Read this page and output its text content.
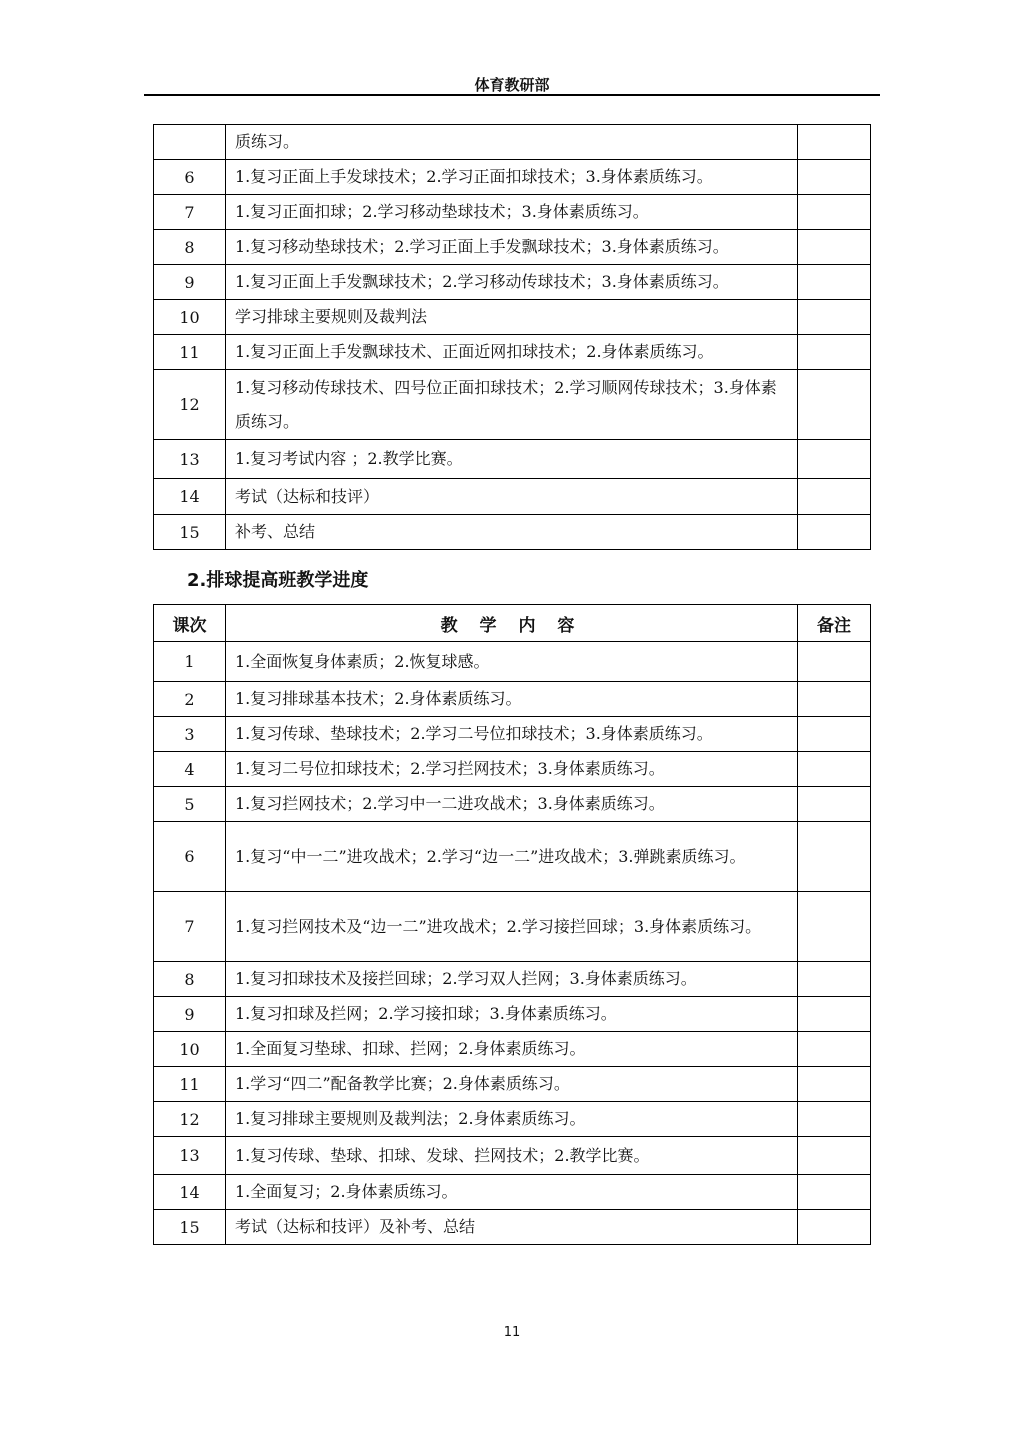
体育教研部
	质练习。	
6	1.复习正面上手发球技术；2.学习正面扣球技术；3.身体素质练习。	
7	1.复习正面扣球；2.学习移动垫球技术；3.身体素质练习。	
8	1.复习移动垫球技术；2.学习正面上手发飘球技术；3.身体素质练习。	
9	1.复习正面上手发飘球技术；2.学习移动传球技术；3.身体素质练习。	
10	学习排球主要规则及裁判法	
11	1.复习正面上手发飘球技术、正面近网扣球技术；2.身体素质练习。	
12	1.复习移动传球技术、四号位正面扣球技术；2.学习顺网传球技术；3.身体素质练习。	
13	1.复习考试内容 ；2.教学比赛。	
14	考试（达标和技评）	
15	补考、总结	
2.排球提高班教学进度
课次	教 学 内 容	备注
1	1.全面恢复身体素质；2.恢复球感。	
2	1.复习排球基本技术；2.身体素质练习。	
3	1.复习传球、垫球技术；2.学习二号位扣球技术；3.身体素质练习。	
4	1.复习二号位扣球技术；2.学习拦网技术；3.身体素质练习。	
5	1.复习拦网技术；2.学习中一二进攻战术；3.身体素质练习。	
6	1.复习“中一二”进攻战术；2.学习“边一二”进攻战术；3.弹跳素质练习。	
7	1.复习拦网技术及“边一二”进攻战术；2.学习接拦回球；3.身体素质练习。	
8	1.复习扣球技术及接拦回球；2.学习双人拦网；3.身体素质练习。	
9	1.复习扣球及拦网；2.学习接扣球；3.身体素质练习。	
10	1.全面复习垫球、扣球、拦网；2.身体素质练习。	
11	1.学习“四二”配备教学比赛；2.身体素质练习。	
12	1.复习排球主要规则及裁判法；2.身体素质练习。	
13	1.复习传球、垫球、扣球、发球、拦网技术；2.教学比赛。	
14	1.全面复习；2.身体素质练习。	
15	考试（达标和技评）及补考、总结	
11
